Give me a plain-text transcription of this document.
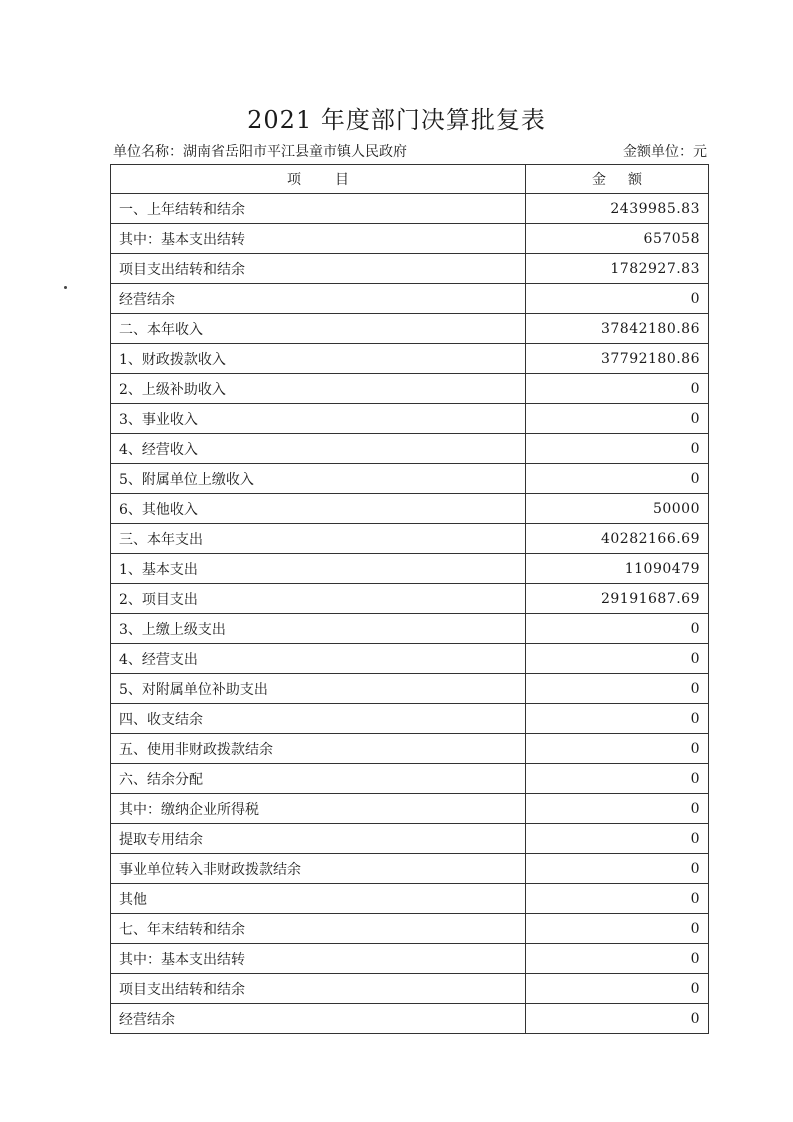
2021 年度部门决算批复表
单位名称：湖南省岳阳市平江县童市镇人民政府	金额单位：元
项 目	金 额
一、上年结转和结余	2439985.83
其中：基本支出结转	657058
项目支出结转和结余	1782927.83
经营结余	0
二、本年收入	37842180.86
1、财政拨款收入	37792180.86
2、上级补助收入	0
3、事业收入	0
4、经营收入	0
5、附属单位上缴收入	0
6、其他收入	50000
三、本年支出	40282166.69
1、基本支出	11090479
2、项目支出	29191687.69
3、上缴上级支出	0
4、经营支出	0
5、对附属单位补助支出	0
四、收支结余	0
五、使用非财政拨款结余	0
六、结余分配	0
其中：缴纳企业所得税	0
提取专用结余	0
事业单位转入非财政拨款结余	0
其他	0
七、年末结转和结余	0
其中：基本支出结转	0
项目支出结转和结余	0
经营结余	0
